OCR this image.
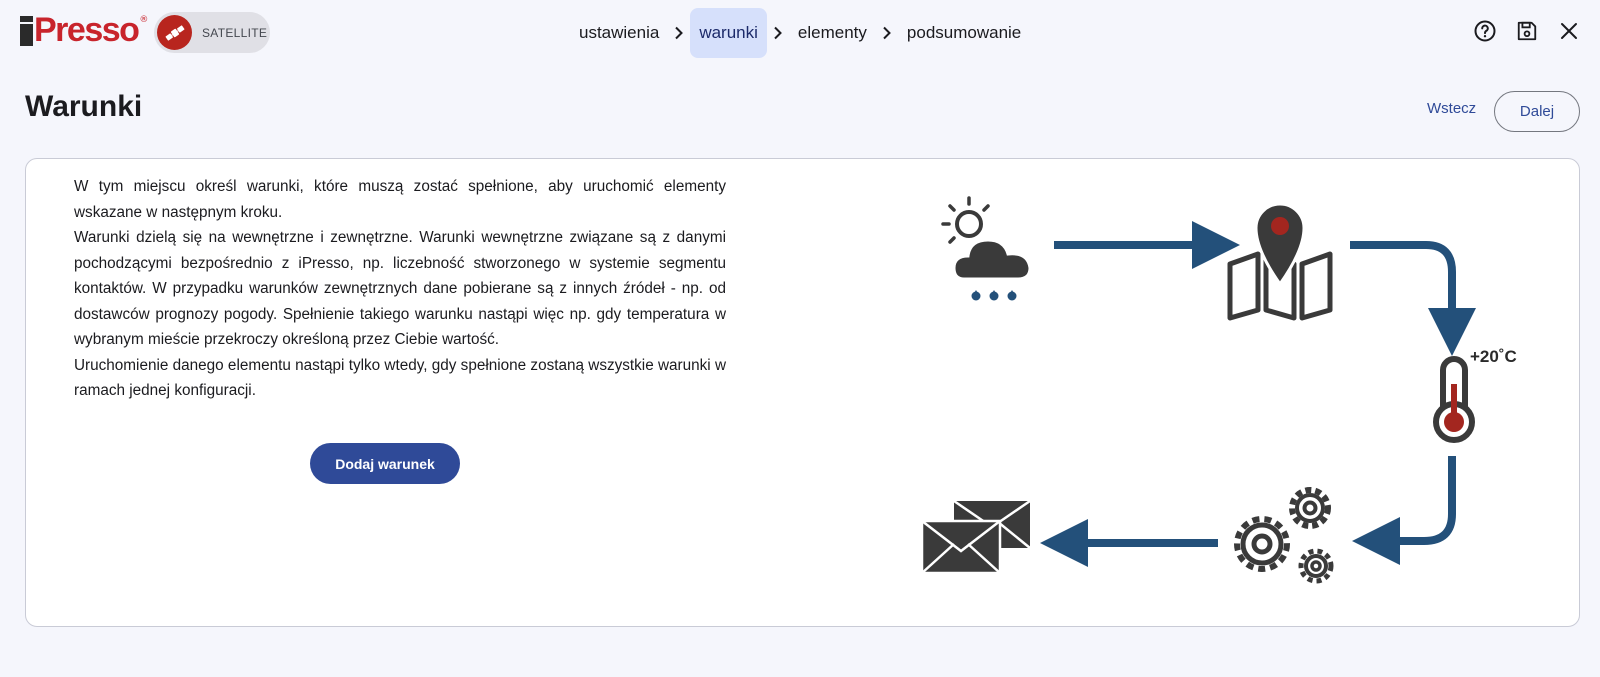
Presso ®
SATELLITE	ustawienia	warunki	elementy	podsumowanie
Warunki	Wstecz	Dalej

W tym miejscu określ warunki, które muszą zostać spełnione, aby uruchomić elementy wskazane w następnym kroku.

Warunki dzielą się na wewnętrzne i zewnętrzne. Warunki wewnętrzne związane są z danymi pochodzącymi bezpośrednio z iPresso, np. liczebność stworzonego w systemie segmentu kontaktów. W przypadku warunków zewnętrznych dane pobierane są z innych źródeł - np. od dostawców prognozy pogody. Spełnienie takiego warunku nastąpi więc np. gdy temperatura w wybranym mieście przekroczy określoną przez Ciebie wartość.

Uruchomienie danego elementu nastąpi tylko wtedy, gdy spełnione zostaną wszystkie warunki w ramach jednej konfiguracji.

Dodaj warunek
+20˚C
